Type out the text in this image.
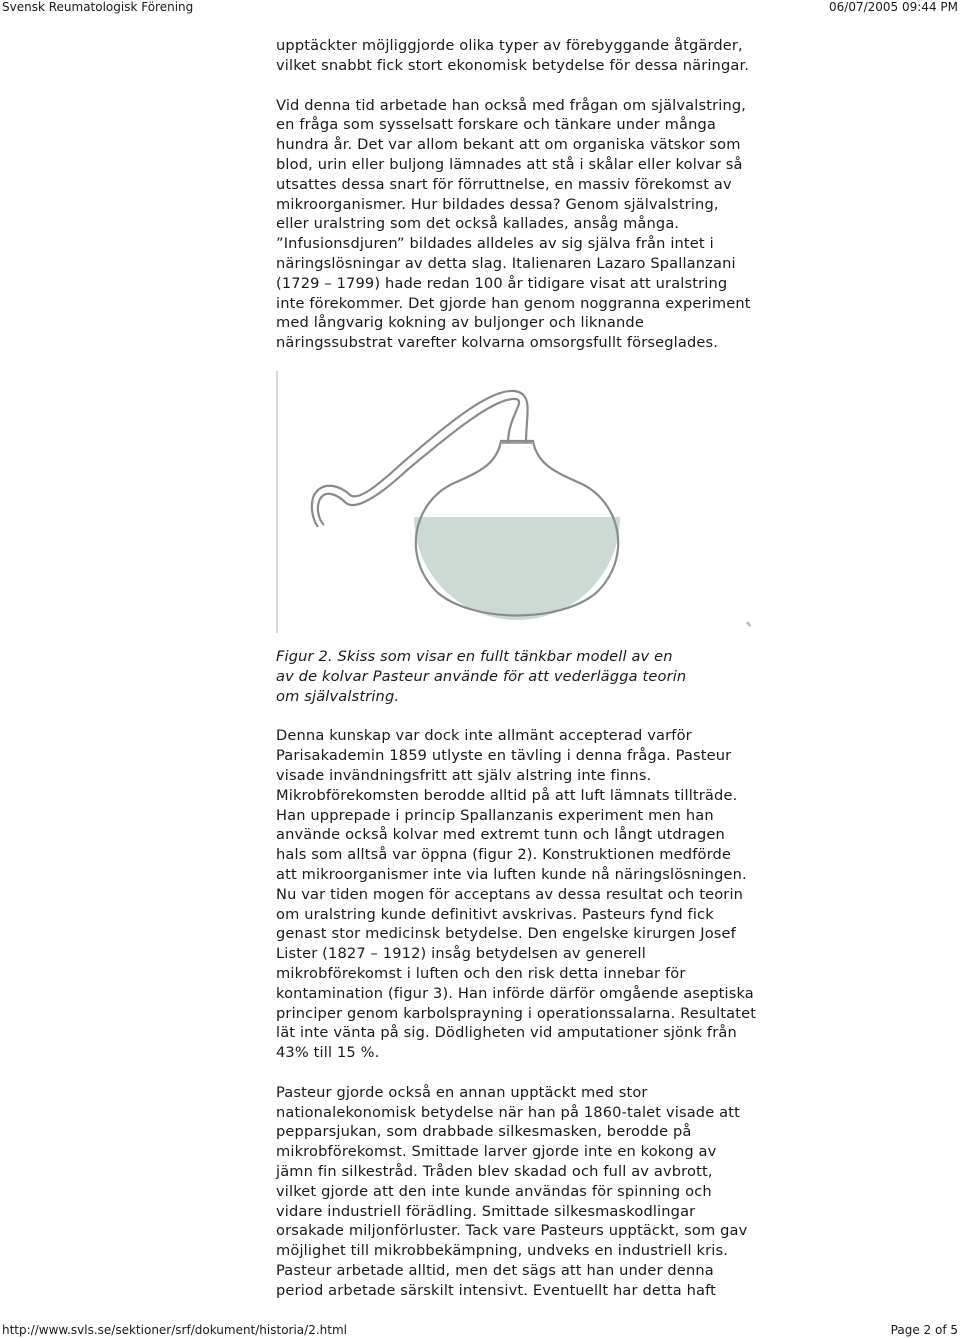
Svensk Reumatologisk Förening	06/07/2005 09:44 PM

upptäckter möjliggjorde olika typer av förebyggande åtgärder,
vilket snabbt fick stort ekonomisk betydelse för dessa näringar.

Vid denna tid arbetade han också med frågan om självalstring,
en fråga som sysselsatt forskare och tänkare under många
hundra år. Det var allom bekant att om organiska vätskor som
blod, urin eller buljong lämnades att stå i skålar eller kolvar så
utsattes dessa snart för förruttnelse, en massiv förekomst av
mikroorganismer. Hur bildades dessa? Genom självalstring,
eller uralstring som det också kallades, ansåg många.
”Infusionsdjuren” bildades alldeles av sig själva från intet i
näringslösningar av detta slag. Italienaren Lazaro Spallanzani
(1729 – 1799) hade redan 100 år tidigare visat att uralstring
inte förekommer. Det gjorde han genom noggranna experiment
med långvarig kokning av buljonger och liknande
näringssubstrat varefter kolvarna omsorgsfullt förseglades.

✎

Figur 2. Skiss som visar en fullt tänkbar modell av en
av de kolvar Pasteur använde för att vederlägga teorin
om självalstring.

Denna kunskap var dock inte allmänt accepterad varför
Parisakademin 1859 utlyste en tävling i denna fråga. Pasteur
visade invändningsfritt att själv alstring inte finns.
Mikrobförekomsten berodde alltid på att luft lämnats tillträde.
Han upprepade i princip Spallanzanis experiment men han
använde också kolvar med extremt tunn och långt utdragen
hals som alltså var öppna (figur 2). Konstruktionen medförde
att mikroorganismer inte via luften kunde nå näringslösningen.
Nu var tiden mogen för acceptans av dessa resultat och teorin
om uralstring kunde definitivt avskrivas. Pasteurs fynd fick
genast stor medicinsk betydelse. Den engelske kirurgen Josef
Lister (1827 – 1912) insåg betydelsen av generell
mikrobförekomst i luften och den risk detta innebar för
kontamination (figur 3). Han införde därför omgående aseptiska
principer genom karbolsprayning i operationssalarna. Resultatet
lät inte vänta på sig. Dödligheten vid amputationer sjönk från
43% till 15 %.

Pasteur gjorde också en annan upptäckt med stor
nationalekonomisk betydelse när han på 1860-talet visade att
pepparsjukan, som drabbade silkesmasken, berodde på
mikrobförekomst. Smittade larver gjorde inte en kokong av
jämn fin silkestråd. Tråden blev skadad och full av avbrott,
vilket gjorde att den inte kunde användas för spinning och
vidare industriell förädling. Smittade silkesmaskodlingar
orsakade miljonförluster. Tack vare Pasteurs upptäckt, som gav
möjlighet till mikrobbekämpning, undveks en industriell kris.
Pasteur arbetade alltid, men det sägs att han under denna
period arbetade särskilt intensivt. Eventuellt har detta haft

http://www.svls.se/sektioner/srf/dokument/historia/2.html	Page 2 of 5
